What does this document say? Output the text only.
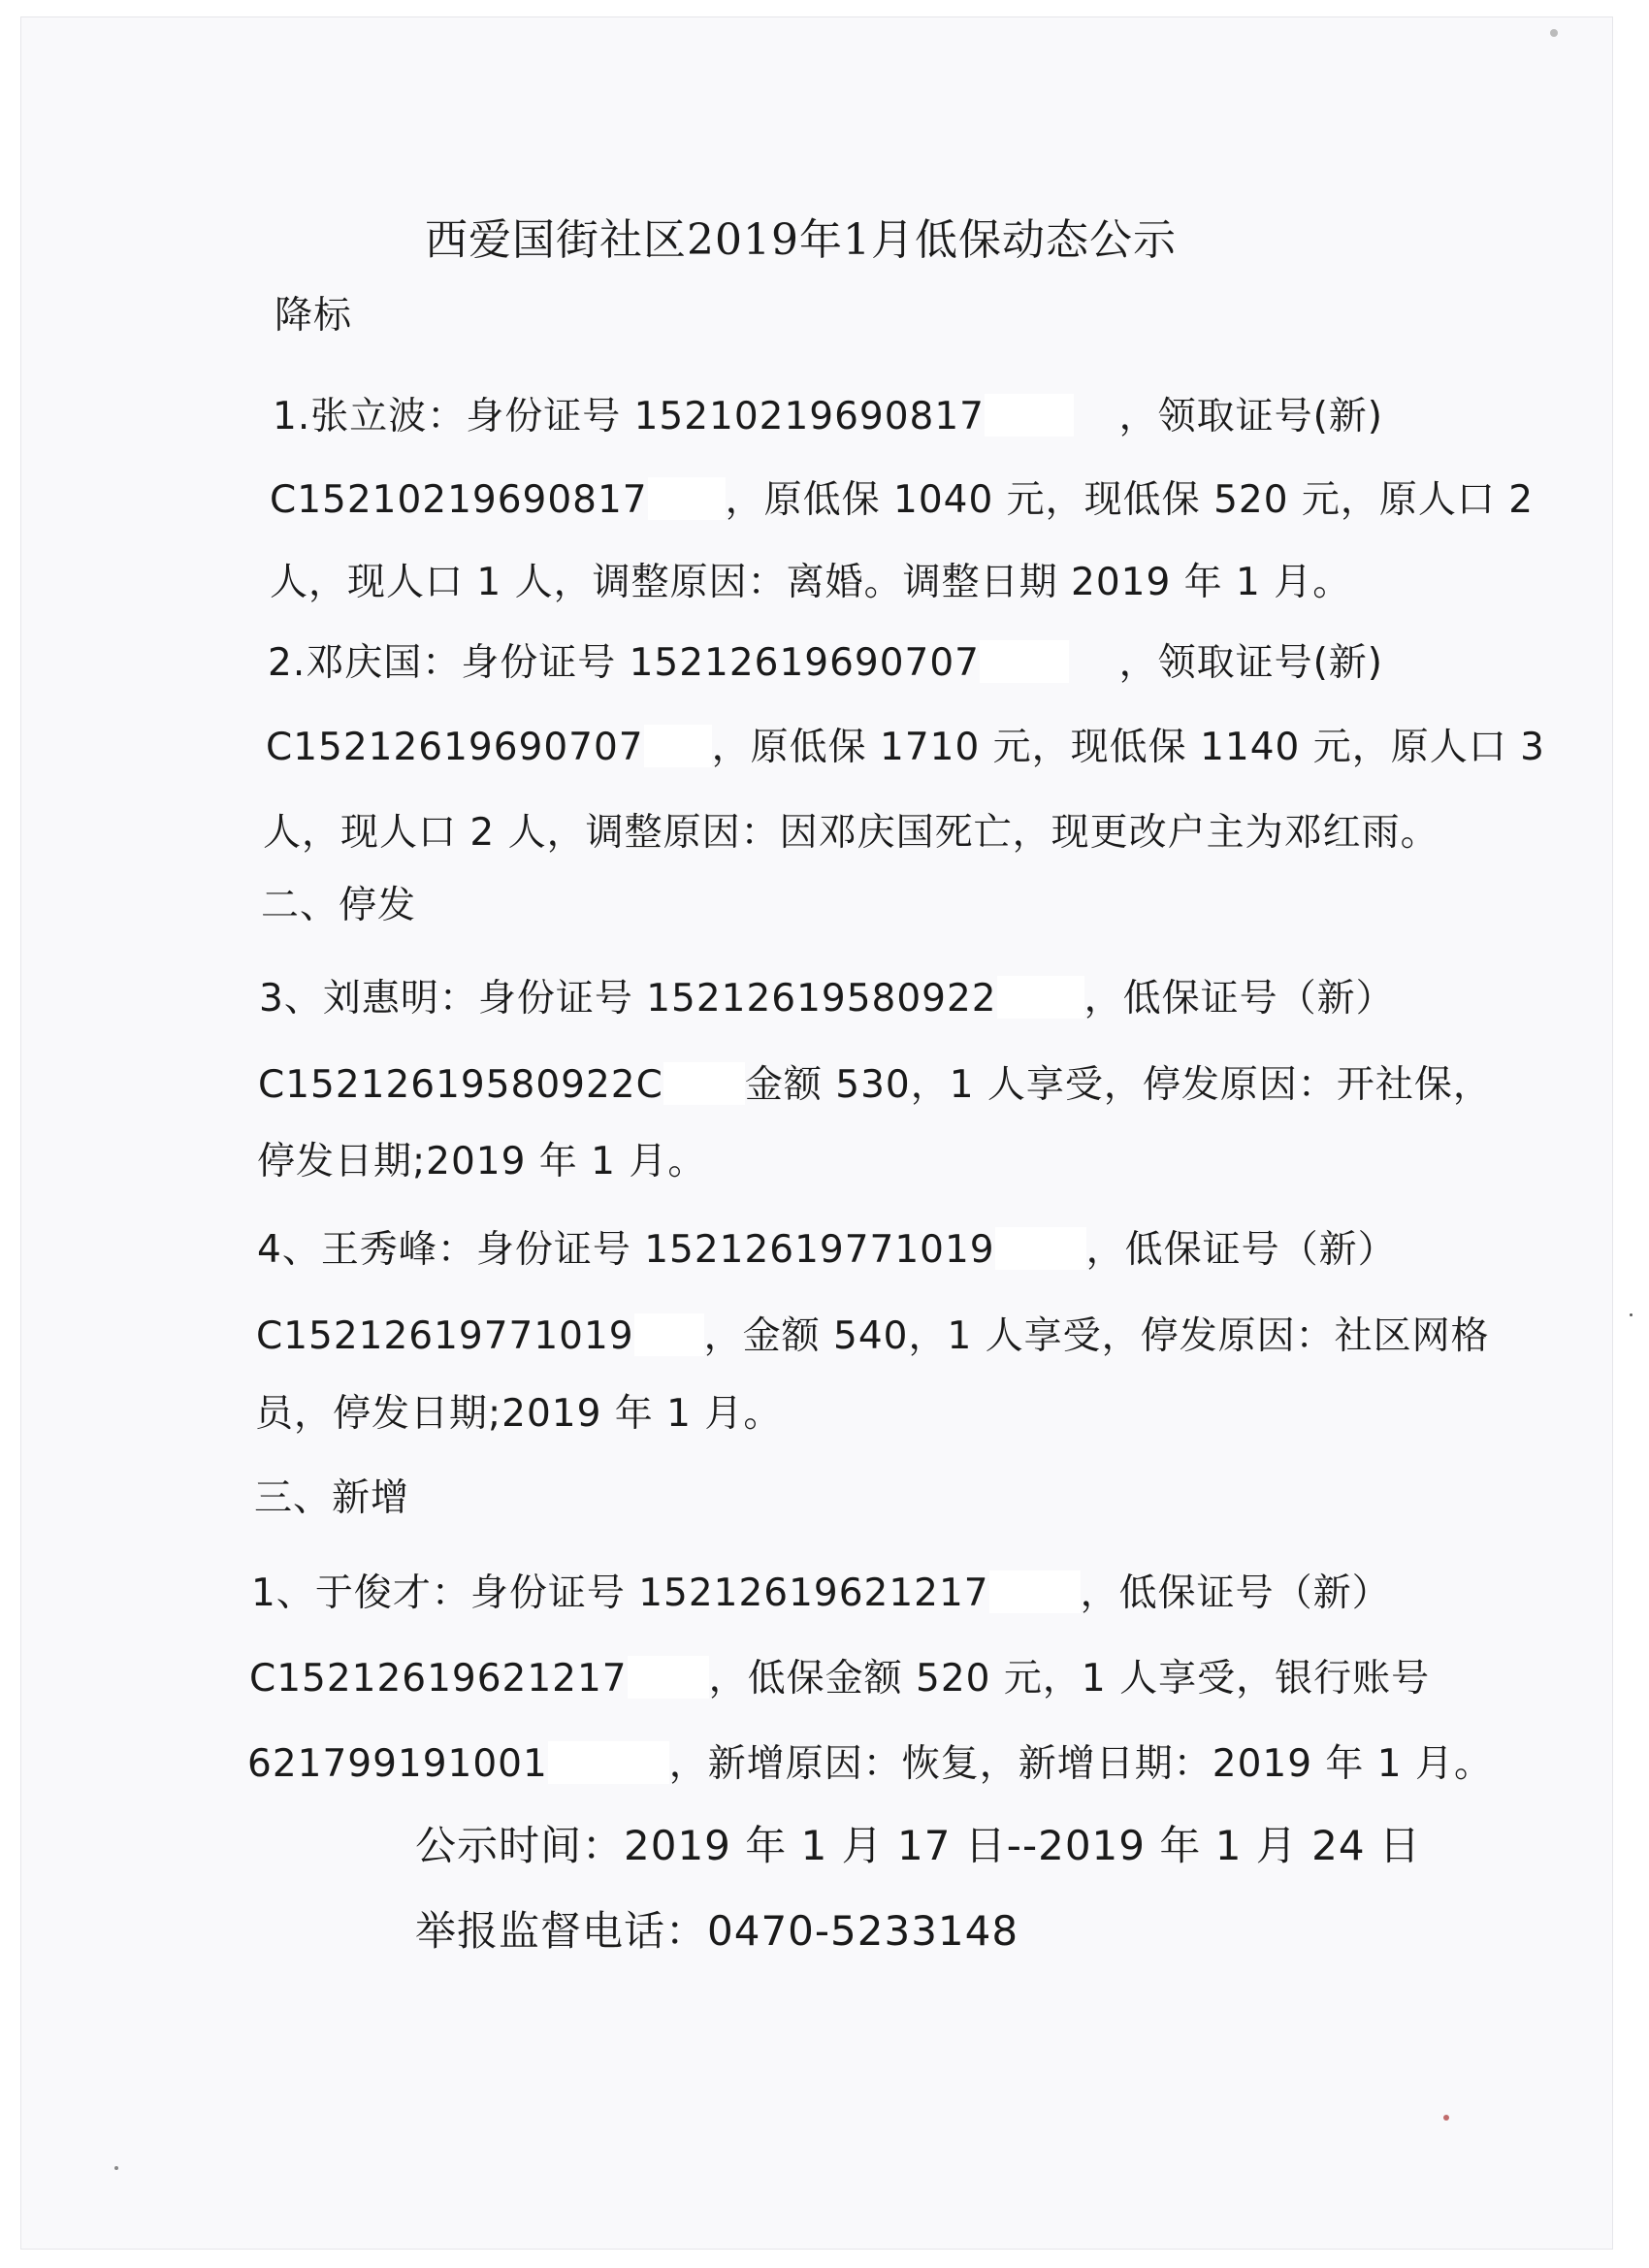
西爱国街社区2019年1月低保动态公示
降标
1.张立波：身份证号 15210219690817	，领取证号(新)
C15210219690817 ，原低保 1040 元，现低保 520 元，原人口 2
人，现人口 1 人，调整原因：离婚。调整日期 2019 年 1 月。
2.邓庆国：身份证号 15212619690707	，领取证号(新)
C15212619690707 ，原低保 1710 元，现低保 1140 元，原人口 3
人，现人口 2 人，调整原因：因邓庆国死亡，现更改户主为邓红雨。
二、停发
3、刘惠明：身份证号 15212619580922	，低保证号（新）
C15212619580922C 金额 530，1 人享受，停发原因：开社保，
停发日期;2019 年 1 月。
4、王秀峰：身份证号 15212619771019	，低保证号（新）
C15212619771019 ，金额 540，1 人享受，停发原因：社区网格
员，停发日期;2019 年 1 月。
三、新增
1、于俊才：身份证号 15212619621217	，低保证号（新）
C15212619621217 ，低保金额 520 元，1 人享受，银行账号
621799191001	，新增原因：恢复，新增日期：2019 年 1 月。
公示时间：2019 年 1 月 17 日--2019 年 1 月 24 日
举报监督电话：0470-5233148
